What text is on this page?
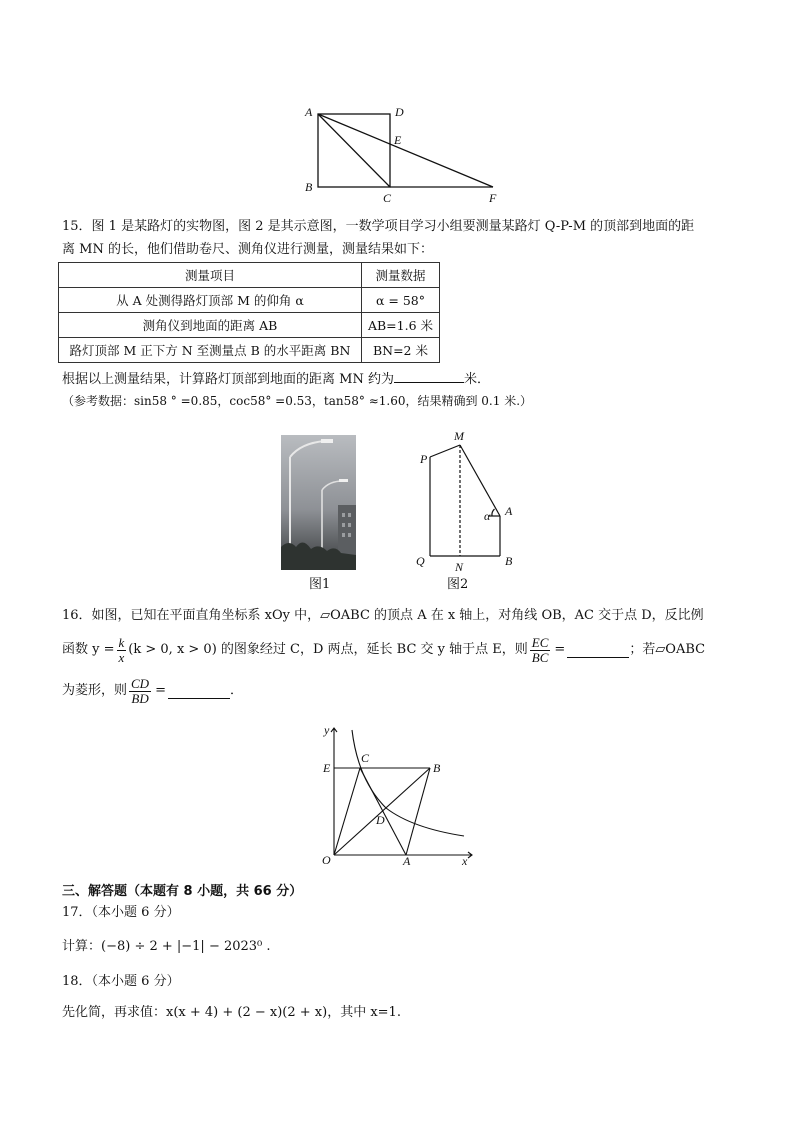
A	D
E
B
C	F
15．图 1 是某路灯的实物图，图 2 是其示意图，一数学项目学习小组要测量某路灯 Q-P-M 的顶部到地面的距
离 MN 的长，他们借助卷尺、测角仪进行测量，测量结果如下：
测量项目	测量数据
从 A 处测得路灯顶部 M 的仰角 α	α = 58°
测角仪到地面的距离 AB	AB=1.6 米
路灯顶部 M 正下方 N 至测量点 B 的水平距离 BN	BN=2 米
根据以上测量结果，计算路灯顶部到地面的距离 MN 约为	米．
（参考数据：sin58 ° =0.85，coc58° =0.53，tan58° ≈1.60，结果精确到 0.1 米.）
图1
M
P
A
α
Q	N	B
图2
16．如图，已知在平面直角坐标系 xOy 中，▱OABC 的顶点 A 在 x 轴上，对角线 OB，AC 交于点 D，反比例
函数 $y = \frac{k}{x} (k > 0$, x > 0) 的图象经过 C，D 两点，延长 BC 交 y 轴于点 E，则 $\frac{EC}{BC}$ =	；若▱OABC
为菱形，则 $\frac{CD}{BD}$ =	．
y
x
O
E
C
B
D
A
三、解答题（本题有 8 小题，共 66 分）
17．（本小题 6 分）
计算：(−8) ÷ 2 + |−1| − 2023⁰ .
18．（本小题 6 分）
先化简，再求值：x(x + 4) + (2 − x)(2 + x)，其中 x=1.
